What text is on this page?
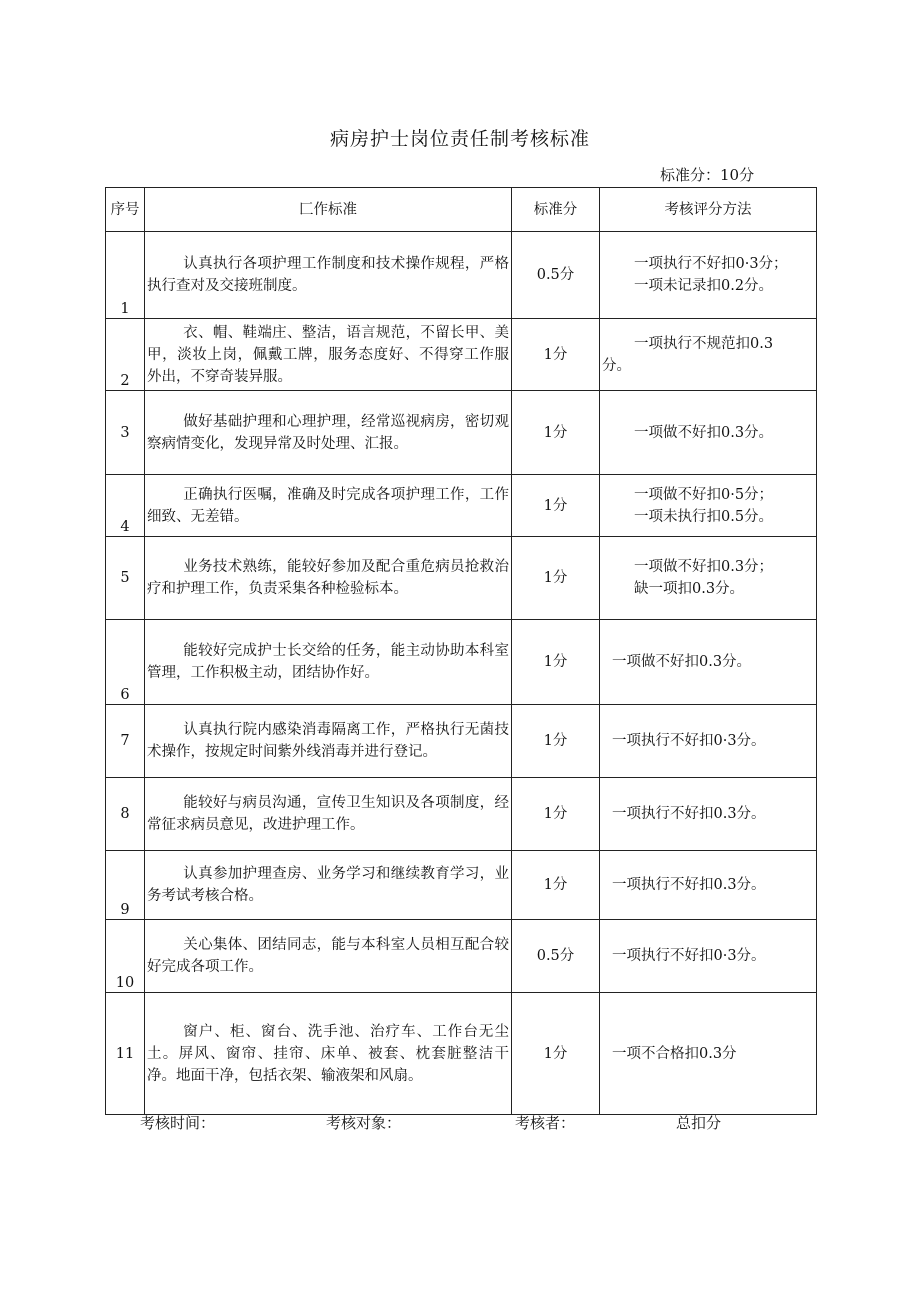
病房护士岗位责任制考核标准
标准分：10分
序号	匚作标准	标准分	考核评分方法

1	认真执行各项护理工作制度和技术操作规程，严格执行查对及交接班制度。	0.5分	一项执行不好扣0·3分；
一项未记录扣0.2分。

2	衣、帽、鞋端庄、整洁，语言规范，不留长甲、美甲，淡妆上岗，佩戴工牌，服务态度好、不得穿工作服外出，不穿奇装异服。	1分	一项执行不规范扣0.3
分。

3	做好基础护理和心理护理，经常巡视病房，密切观察病情变化，发现异常及时处理、汇报。	1分	一项做不好扣0.3分。

4	正确执行医嘱，准确及时完成各项护理工作，工作细致、无差错。	1分	一项做不好扣0·5分；
一项未执行扣0.5分。

5	业务技术熟练，能较好参加及配合重危病员抢救治疗和护理工作，负责采集各种检验标本。	1分	一项做不好扣0.3分；
缺一项扣0.3分。

6	能较好完成护士长交给的任务，能主动协助本科室管理，工作积极主动，团结协作好。	1分	一项做不好扣0.3分。

7	认真执行院内感染消毒隔离工作，严格执行无菌技术操作，按规定时间紫外线消毒并进行登记。	1分	一项执行不好扣0·3分。

8	能较好与病员沟通，宣传卫生知识及各项制度，经常征求病员意见，改进护理工作。	1分	一项执行不好扣0.3分。

9	认真参加护理查房、业务学习和继续教育学习，业务考试考核合格。	1分	一项执行不好扣0.3分。

10	关心集体、团结同志，能与本科室人员相互配合较好完成各项工作。	0.5分	一项执行不好扣0·3分。

11	窗户、柜、窗台、洗手池、治疗车、工作台无尘土。屏风、窗帘、挂帘、床单、被套、枕套脏整洁干净。地面干净，包括衣架、输液架和风扇。	1分	一项不合格扣0.3分
考核时间：	考核对象：	考核者：	总扣分
